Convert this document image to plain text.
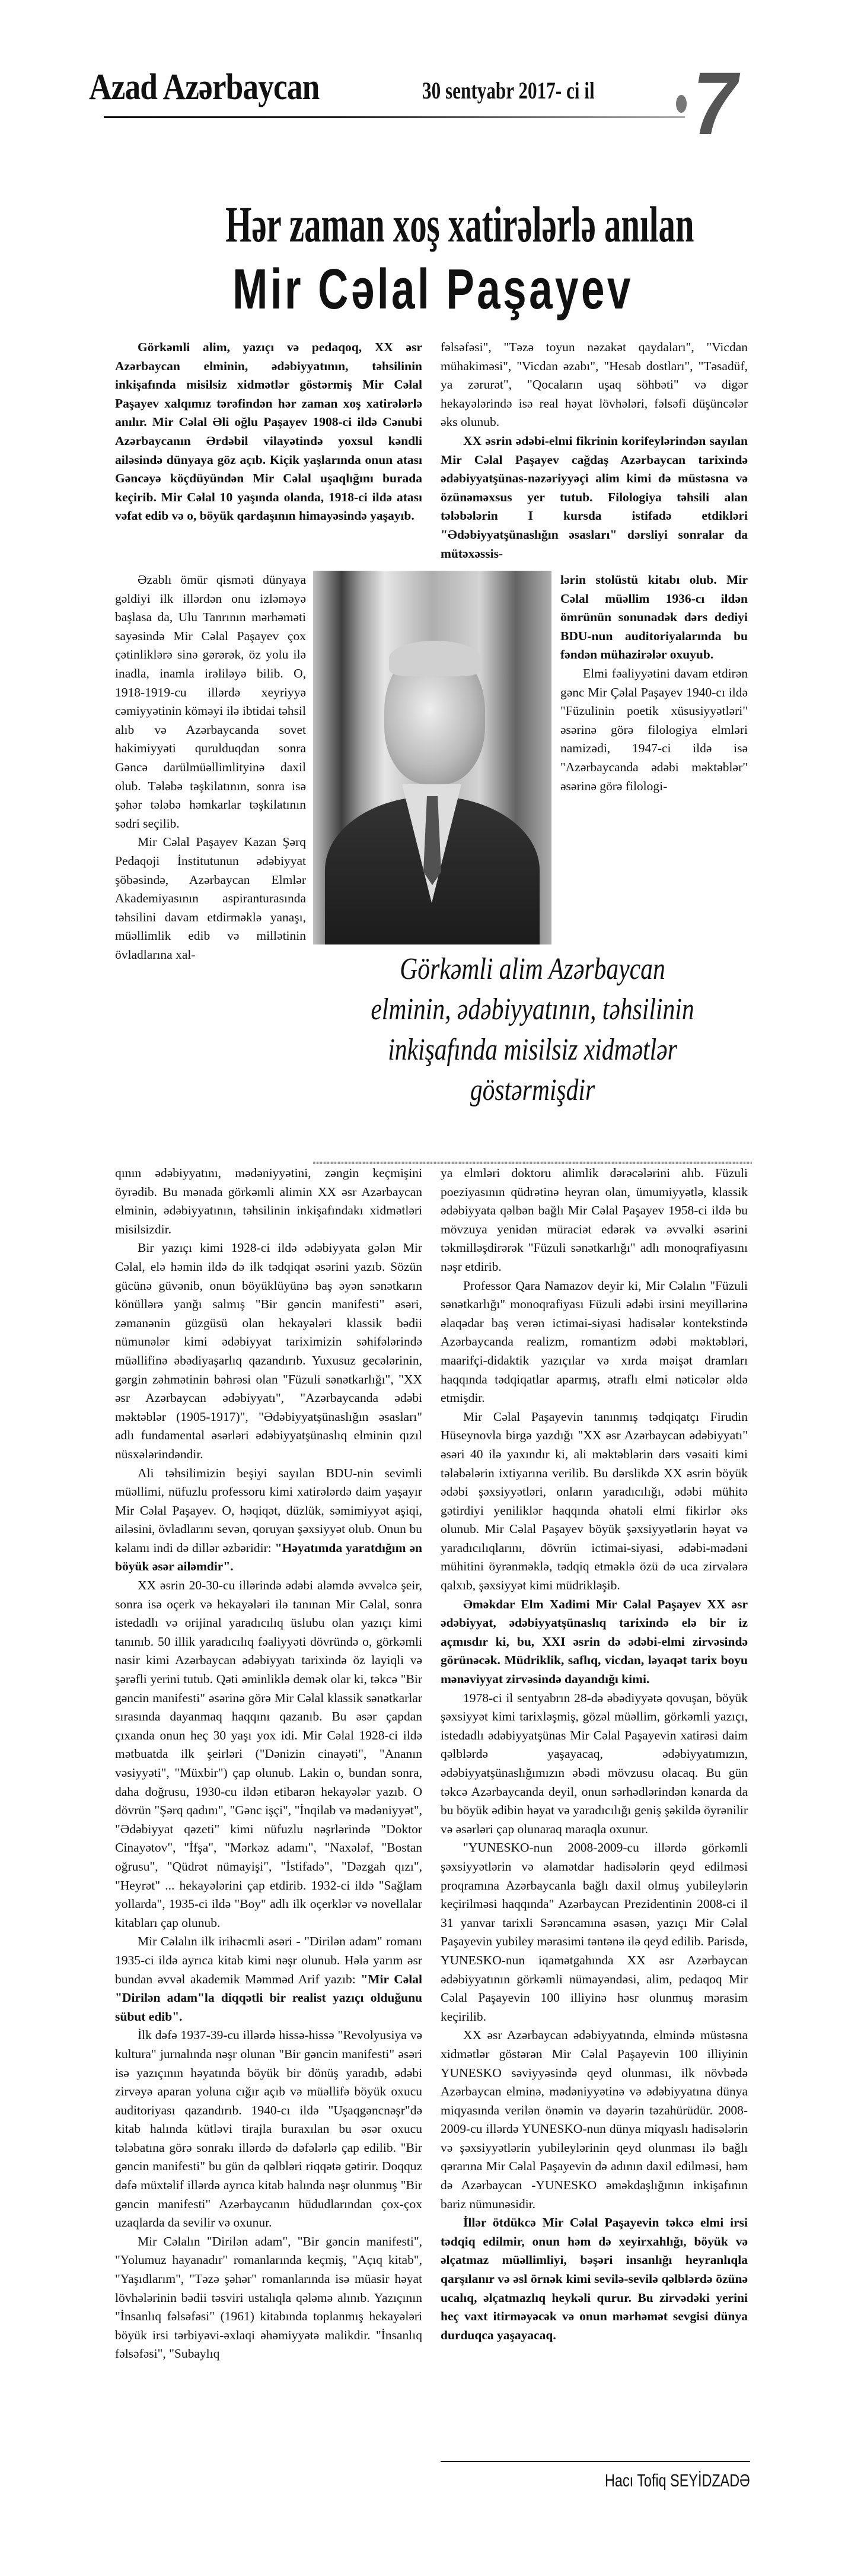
Azad Azərbaycan	30 sentyabr 2017- ci il 7
Hər zaman xoş xatirələrlə anılan
Mir Cəlal Paşayev

Görkəmli alim, yazıçı və pedaqoq, XX əsr Azərbaycan elminin, ədəbiyyatının, təhsilinin inkişafında misilsiz xidmətlər göstərmiş Mir Cəlal Paşayev xalqımız tərəfindən hər zaman xoş xatirələrlə anılır. Mir Cəlal Əli oğlu Paşayev 1908-ci ildə Cənubi Azərbaycanın Ərdəbil vilayətində yoxsul kəndli ailəsində dünyaya göz açıb. Kiçik yaşlarında onun atası Gəncəyə köçdüyündən Mir Cəlal uşaqlığını burada keçirib. Mir Cəlal 10 yaşında olanda, 1918-ci ildə atası vəfat edib və o, böyük qardaşının himayəsində yaşayıb.

fəlsəfəsi", "Təzə toyun nəzakət qaydaları", "Vicdan mühakiməsi", "Vicdan əzabı", "Hesab dostları", "Təsadüf, ya zərurət", "Qocaların uşaq söhbəti" və digər hekayələrində isə real həyat lövhələri, fəlsəfi düşüncələr əks olunub.

XX əsrin ədəbi-elmi fikrinin korifeylərindən sayılan Mir Cəlal Paşayev cağdaş Azərbaycan tarixində ədəbiyyatşünas-nəzəriyyəçi alim kimi də müstəsna və özünəməxsus yer tutub. Filologiya təhsili alan tələbələrin I kursda istifadə etdikləri "Ədəbiyyatşünaslığın əsasları" dərsliyi sonralar da mütəxəssis-

Əzablı ömür qisməti dünyaya gəldiyi ilk illərdən onu izləməyə başlasa da, Ulu Tanrının mərhəməti sayəsində Mir Cəlal Paşayev çox çətinliklərə sinə gərərək, öz yolu ilə inadla, inamla irəliləyə bilib. O, 1918-1919-cu illərdə xeyriyyə cəmiyyətinin köməyi ilə ibtidai təhsil alıb və Azərbaycanda sovet hakimiyyəti qurulduqdan sonra Gəncə darülmüəllimlityinə daxil olub. Tələbə təşkilatının, sonra isə şəhər tələbə həmkarlar təşkilatının sədri seçilib.

Mir Cəlal Paşayev Kazan Şərq Pedaqoji İnstitutunun ədəbiyyat şöbəsində, Azərbaycan Elmlər Akademiyasının aspiranturasında təhsilini davam etdirməklə yanaşı, müəllimlik edib və millətinin övladlarına xal-

lərin stolüstü kitabı olub. Mir Cəlal müəllim 1936-cı ildən ömrünün sonunadək dərs dediyi BDU-nun auditoriyalarında bu fəndən mühazirələr oxuyub.

Elmi fəaliyyətini davam etdirən gənc Mir Çəlal Paşayev 1940-cı ildə "Füzulinin poetik xüsusiyyətləri" əsərinə görə filologiya elmləri namizədi, 1947-ci ildə isə "Azərbaycanda ədəbi məktəblər" əsərinə görə filologi-

Görkəmli alim Azərbaycan elminin, ədəbiyyatının, təhsilinin inkişafında misilsiz xidmətlər göstərmişdir

qının ədəbiyyatını, mədəniyyətini, zəngin keçmişini öyrədib. Bu mənada görkəmli alimin XX əsr Azərbaycan elminin, ədəbiyyatının, təhsilinin inkişafındakı xidmətləri misilsizdir.

Bir yazıçı kimi 1928-ci ildə ədəbiyyata gələn Mir Cəlal, elə həmin ildə də ilk tədqiqat əsərini yazıb. Sözün gücünə güvənib, onun böyüklüyünə baş əyən sənətkarın könüllərə yanğı salmış "Bir gəncin manifesti" əsəri, zəmanənin güzgüsü olan hekayələri klassik bədii nümunələr kimi ədəbiyyat tariximizin səhifələrində müəllifinə əbədiyaşarlıq qazandırıb. Yuxusuz gecələrinin, gərgin zəhmətinin bəhrəsi olan "Füzuli sənətkarlığı", "XX əsr Azərbaycan ədəbiyyatı", "Azərbaycanda ədəbi məktəblər (1905-1917)", "Ədəbiyyatşünaslığın əsasları" adlı fundamental əsərləri ədəbiyyatşünaslıq elminin qızıl nüsxələrindəndir.

Ali təhsilimizin beşiyi sayılan BDU-nin sevimli müəllimi, nüfuzlu professoru kimi xatirələrdə daim yaşayır Mir Cəlal Paşayev. O, həqiqət, düzlük, səmimiyyət aşiqi, ailəsini, övladlarını sevən, qoruyan şəxsiyyət olub. Onun bu kəlamı indi də dillər əzbəridir: "Həyatımda yaratdığım ən böyük əsər ailəmdir".

XX əsrin 20-30-cu illərində ədəbi aləmdə əvvəlcə şeir, sonra isə oçerk və hekayələri ilə tanınan Mir Cəlal, sonra istedadlı və orijinal yaradıcılıq üslubu olan yazıçı kimi tanınıb. 50 illik yaradıcılıq fəaliyyəti dövründə o, görkəmli nasir kimi Azərbaycan ədəbiyyatı tarixində öz layiqli və şərəfli yerini tutub. Qəti əminliklə demək olar ki, təkcə "Bir gəncin manifesti" əsərinə görə Mir Cəlal klassik sənətkarlar sırasında dayanmaq haqqını qazanıb. Bu əsər çapdan çıxanda onun heç 30 yaşı yox idi. Mir Cəlal 1928-ci ildə mətbuatda ilk şeirləri ("Dənizin cinayəti", "Ananın vəsiyyəti", "Müxbir") çap olunub. Lakin o, bundan sonra, daha doğrusu, 1930-cu ildən etibarən hekayələr yazıb. O dövrün "Şərq qadını", "Gənc işçi", "İnqilab və mədəniyyət", "Ədəbiyyat qəzeti" kimi nüfuzlu nəşrlərində "Doktor Cinayətov", "İfşa", "Mərkəz adamı", "Naxələf, "Bostan oğrusu", "Qüdrət nümayişi", "İstifadə", "Dəzgah qızı", "Heyrət" ... hekayələrini çap etdirib. 1932-ci ildə "Sağlam yollarda", 1935-ci ildə "Boy" adlı ilk oçerklər və novellalar kitabları çap olunub.

Mir Cəlalın ilk irihəcmli əsəri - "Dirilən adam" romanı 1935-ci ildə ayrıca kitab kimi nəşr olunub. Hələ yarım əsr bundan əvvəl akademik Məmməd Arif yazıb: "Mir Cəlal "Dirilən adam"la diqqətli bir realist yazıçı olduğunu sübut edib".

İlk dəfə 1937-39-cu illərdə hissə-hissə "Revolyusiya və kultura" jurnalında nəşr olunan "Bir gəncin manifesti" əsəri isə yazıçının həyatında böyük bir dönüş yaradıb, ədəbi zirvəyə aparan yoluna cığır açıb və müəllifə böyük oxucu auditoriyası qazandırıb. 1940-cı ildə "Uşaqgəncnəşr"də kitab halında kütləvi tirajla buraxılan bu əsər oxucu tələbatına görə sonrakı illərdə də dəfələrlə çap edilib. "Bir gəncin manifesti" bu gün də qəlbləri riqqətə gətirir. Doqquz dəfə müxtəlif illərdə ayrıca kitab halında nəşr olunmuş "Bir gəncin manifesti" Azərbaycanın hüdudlarından çox-çox uzaqlarda da sevilir və oxunur.

Mir Cəlalın "Dirilən adam", "Bir gəncin manifesti", "Yolumuz hayanadır" romanlarında keçmiş, "Açıq kitab", "Yaşıdlarım", "Təzə şəhər" romanlarında isə müasir həyat lövhələrinin bədii təsviri ustalıqla qələmə alınıb. Yazıçının "İnsanlıq fəlsəfəsi" (1961) kitabında toplanmış hekayələri böyük irsi tərbiyəvi-əxlaqi əhəmiyyətə malikdir. "İnsanlıq fəlsəfəsi", "Subaylıq

ya elmləri doktoru alimlik dərəcələrini alıb. Füzuli poeziyasının qüdrətinə heyran olan, ümumiyyətlə, klassik ədəbiyyata qəlbən bağlı Mir Cəlal Paşayev 1958-ci ildə bu mövzuya yenidən müraciət edərək və əvvəlki əsərini təkmilləşdirərək "Füzuli sənətkarlığı" adlı monoqrafiyasını nəşr etdirib.

Professor Qara Namazov deyir ki, Mir Cəlalın "Füzuli sənətkarlığı" monoqrafiyası Füzuli ədəbi irsini meyillərinə əlaqədar baş verən ictimai-siyasi hadisələr kontekstində Azərbaycanda realizm, romantizm ədəbi məktəbləri, maarifçi-didaktik yazıçılar və xırda məişət dramları haqqında tədqiqatlar aparmış, ətraflı elmi nəticələr əldə etmişdir.

Mir Cəlal Paşayevin tanınmış tədqiqatçı Firudin Hüseynovla birgə yazdığı "XX əsr Azərbaycan ədəbiyyatı" əsəri 40 ilə yaxındır ki, ali məktəblərin dərs vəsaiti kimi tələbələrin ixtiyarına verilib. Bu dərslikdə XX əsrin böyük ədəbi şəxsiyyətləri, onların yaradıcılığı, ədəbi mühitə gətirdiyi yeniliklər haqqında əhatəli elmi fikirlər əks olunub. Mir Cəlal Paşayev böyük şəxsiyyətlərin həyat və yaradıcılıqlarını, dövrün ictimai-siyasi, ədəbi-mədəni mühitini öyrənməklə, tədqiq etməklə özü də uca zirvələrə qalxıb, şəxsiyyət kimi müdrikləşib.

Əməkdar Elm Xadimi Mir Cəlal Paşayev XX əsr ədəbiyyat, ədəbiyyatşünaslıq tarixində elə bir iz açmısdır ki, bu, XXI əsrin də ədəbi-elmi zirvəsində görünəcək. Müdriklik, saflıq, vicdan, ləyaqət tarix boyu mənəviyyat zirvəsində dayandığı kimi.

1978-ci il sentyabrın 28-də əbədiyyətə qovuşan, böyük şəxsiyyət kimi tarixləşmiş, gözəl müəllim, görkəmli yazıçı, istedadlı ədəbiyyatşünas Mir Cəlal Paşayevin xatirəsi daim qəlblərdə yaşayacaq, ədəbiyyatımızın, ədəbiyyatşünaslığımızın əbədi mövzusu olacaq. Bu gün təkcə Azərbaycanda deyil, onun sərhədlərindən kənarda da bu böyük ədibin həyat və yaradıcılığı geniş şəkildə öyrənilir və əsərləri çap olunaraq maraqla oxunur.

"YUNESKO-nun 2008-2009-cu illərdə görkəmli şəxsiyyətlərin və əlamətdar hadisələrin qeyd edilməsi proqramına Azərbaycanla bağlı daxil olmuş yubileylərin keçirilməsi haqqında" Azərbaycan Prezidentinin 2008-ci il 31 yanvar tarixli Sərəncamına əsasən, yazıçı Mir Cəlal Paşayevin yubiley mərasimi təntənə ilə qeyd edilib. Parisdə, YUNESKO-nun iqamətgahında XX əsr Azərbaycan ədəbiyyatının görkəmli nümayəndəsi, alim, pedaqoq Mir Cəlal Paşayevin 100 illiyinə həsr olunmuş mərasim keçirilib.

XX əsr Azərbaycan ədəbiyyatında, elmində müstəsna xidmətlər göstərən Mir Cəlal Paşayevin 100 illiyinin YUNESKO səviyyəsində qeyd olunması, ilk növbədə Azərbaycan elminə, mədəniyyətinə və ədəbiyyatına dünya miqyasında verilən önəmin və dəyərin təzahürüdür. 2008-2009-cu illərdə YUNESKO-nun dünya miqyaslı hadisələrin və şəxsiyyətlərin yubileylərinin qeyd olunması ilə bağlı qərarına Mir Cəlal Paşayevin də adının daxil edilməsi, həm də Azərbaycan -YUNESKO əməkdaşlığının inkişafının bariz nümunəsidir.

İllər ötdükcə Mir Cəlal Paşayevin təkcə elmi irsi tədqiq edilmir, onun həm də xeyirxahlığı, böyük və əlçatmaz müəllimliyi, bəşəri insanlığı heyranlıqla qarşılanır və əsl örnək kimi sevilə-sevilə qəlblərdə özünə ucalıq, əlçatmazlıq heykəli qurur. Bu zirvədəki yerini heç vaxt itirməyəcək və onun mərhəmət sevgisi dünya durduqca yaşayacaq.

Hacı Tofiq SEYİDZADƏ
